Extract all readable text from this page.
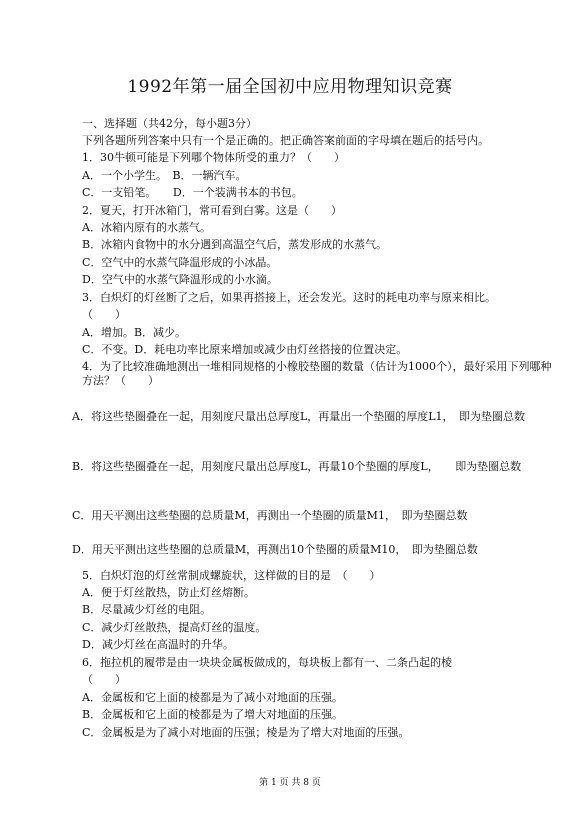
1992年第一届全国初中应用物理知识竞赛
一、选择题（共42分，每小题3分）
下列各题所列答案中只有一个是正确的。把正确答案前面的字母填在题后的括号内。
1．30牛顿可能是下列哪个物体所受的重力？（　　）
A．一个小学生。　B．一辆汽车。
C．一支铅笔。　　D．一个装满书本的书包。
2．夏天，打开冰箱门，常可看到白雾。这是（　　）
A．冰箱内原有的水蒸气。
B．冰箱内食物中的水分遇到高温空气后，蒸发形成的水蒸气。
C．空气中的水蒸气降温形成的小冰晶。
D．空气中的水蒸气降温形成的小水滴。
3．白炽灯的灯丝断了之后，如果再搭接上，还会发光。这时的耗电功率与原来相比。
（　　）
A．增加。B．减少。
C．不变。D．耗电功率比原来增加或减少由灯丝搭接的位置决定。
4．为了比较准确地测出一堆相同规格的小橡胶垫圈的数量（估计为1000个），最好采用下列哪种方法？（　　）
A．将这些垫圈叠在一起，用刻度尺量出总厚度L，再量出一个垫圈的厚度L1，　即为垫圈总数
B．将这些垫圈叠在一起，用刻度尺量出总厚度L，再量10个垫圈的厚度L，　　即为垫圈总数
C．用天平测出这些垫圈的总质量M，再测出一个垫圈的质量M1，　即为垫圈总数
D．用天平测出这些垫圈的总质量M，再测出10个垫圈的质量M10，　即为垫圈总数
5．白炽灯泡的灯丝常制成螺旋状，这样做的目的是　（　　）
A．便于灯丝散热，防止灯丝熔断。
B．尽量减少灯丝的电阻。
C．减少灯丝散热，提高灯丝的温度。
D．减少灯丝在高温时的升华。
6．拖拉机的履带是由一块块金属板做成的，每块板上都有一、二条凸起的棱
（　　）
A．金属板和它上面的棱都是为了减小对地面的压强。
B．金属板和它上面的棱都是为了增大对地面的压强。
C．金属板是为了减小对地面的压强；棱是为了增大对地面的压强。
第 1 页 共 8 页
